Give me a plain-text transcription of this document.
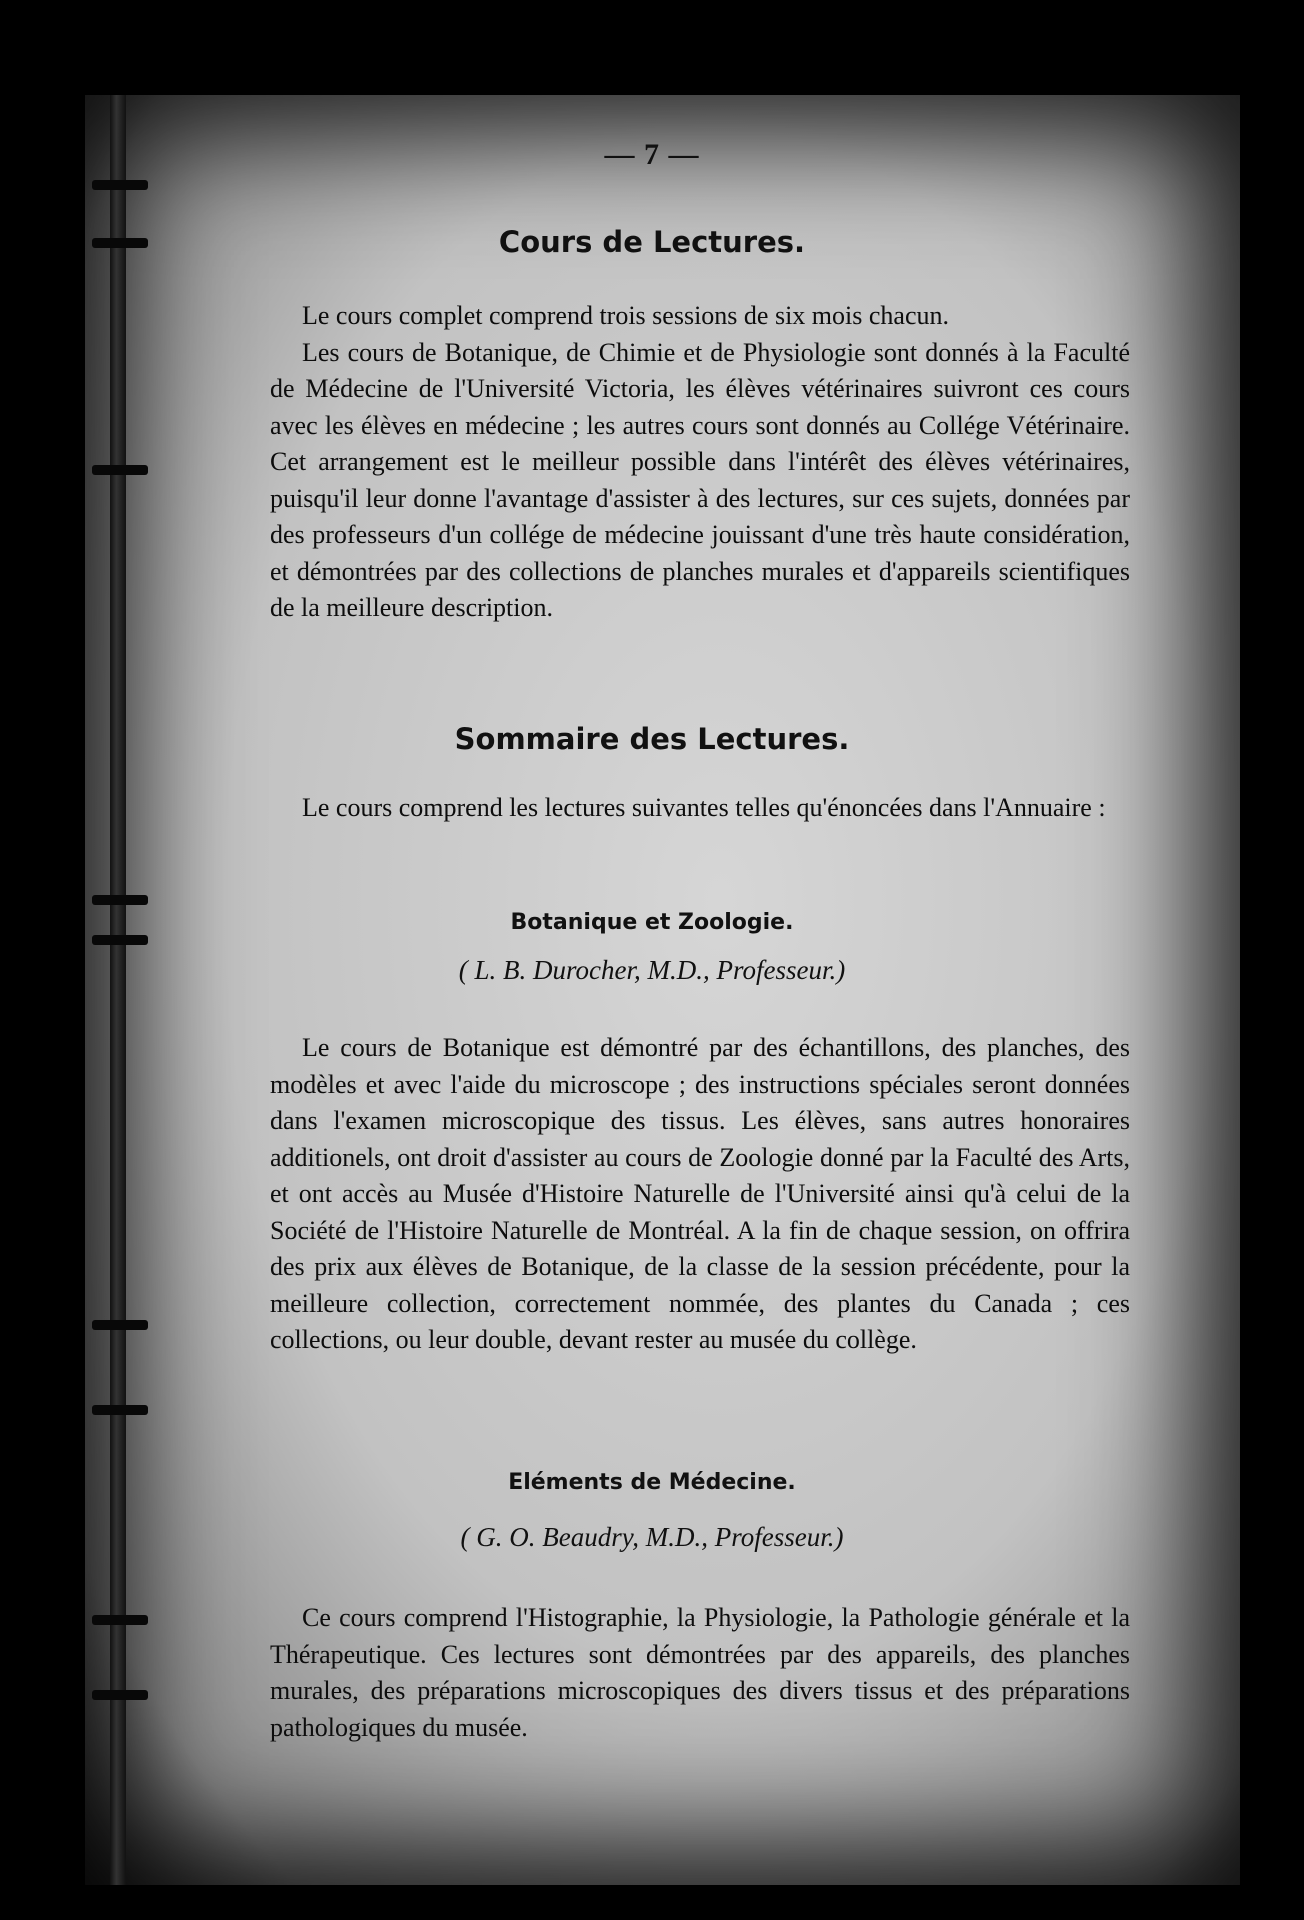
— 7 —
Cours de Lectures.

Le cours complet comprend trois sessions de six mois chacun.

Les cours de Botanique, de Chimie et de Physiologie sont donnés à la Faculté de Médecine de l'Université Victoria, les élèves vétérinaires suivront ces cours avec les élèves en médecine ; les autres cours sont donnés au Collége Vétérinaire. Cet arrangement est le meilleur possible dans l'intérêt des élèves vétérinaires, puisqu'il leur donne l'avantage d'assister à des lectures, sur ces sujets, données par des professeurs d'un collége de médecine jouissant d'une très haute considération, et démontrées par des collections de planches murales et d'appareils scientifiques de la meilleure description.

Sommaire des Lectures.

Le cours comprend les lectures suivantes telles qu'énoncées dans l'Annuaire :

Botanique et Zoologie.
( L. B. Durocher, M.D., Professeur.)

Le cours de Botanique est démontré par des échantillons, des planches, des modèles et avec l'aide du microscope ; des instructions spéciales seront données dans l'examen microscopique des tissus. Les élèves, sans autres honoraires additionels, ont droit d'assister au cours de Zoologie donné par la Faculté des Arts, et ont accès au Musée d'Histoire Naturelle de l'Université ainsi qu'à celui de la Société de l'Histoire Naturelle de Montréal. A la fin de chaque session, on offrira des prix aux élèves de Botanique, de la classe de la session précédente, pour la meilleure collection, correctement nommée, des plantes du Canada ; ces collections, ou leur double, devant rester au musée du collège.

Eléments de Médecine.
( G. O. Beaudry, M.D., Professeur.)

Ce cours comprend l'Histographie, la Physiologie, la Pathologie générale et la Thérapeutique. Ces lectures sont démontrées par des appareils, des planches murales, des préparations microscopiques des divers tissus et des préparations pathologiques du musée.
